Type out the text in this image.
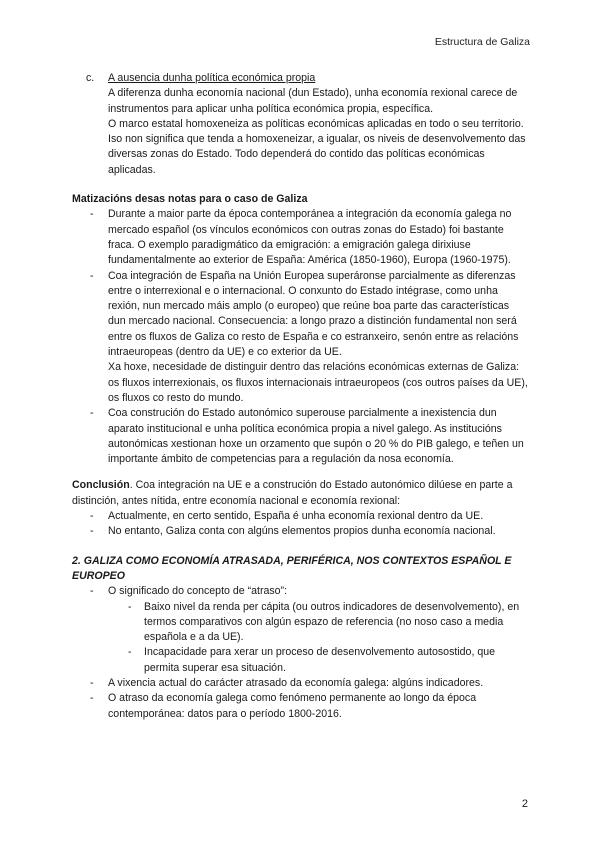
Estructura de Galiza
c.	A ausencia dunha política económica propia

A diferenza dunha economía nacional (dun Estado), unha economía rexional carece de instrumentos para aplicar unha política económica propia, específica.

O marco estatal homoxeneiza as políticas económicas aplicadas en todo o seu territorio.

Iso non significa que tenda a homoxeneizar, a igualar, os niveis de desenvolvemento das diversas zonas do Estado. Todo dependerá do contido das políticas económicas aplicadas.

Matizacións desas notas para o caso de Galiza
-	Durante a maior parte da época contemporánea a integración da economía galega no mercado español (os vínculos económicos con outras zonas do Estado) foi bastante fraca. O exemplo paradigmático da emigración: a emigración galega dirixiuse fundamentalmente ao exterior de España: América (1850-1960), Europa (1960-1975).
-	Coa integración de España na Unión Europea superáronse parcialmente as diferenzas entre o interrexional e o internacional. O conxunto do Estado intégrase, como unha rexión, nun mercado máis amplo (o europeo) que reúne boa parte das características dun mercado nacional. Consecuencia: a longo prazo a distinción fundamental non será entre os fluxos de Galiza co resto de España e co estranxeiro, senón entre as relacións intraeuropeas (dentro da UE) e co exterior da UE.
Xa hoxe, necesidade de distinguir dentro das relacións económicas externas de Galiza: os fluxos interrexionais, os fluxos internacionais intraeuropeos (cos outros países da UE), os fluxos co resto do mundo.
-	Coa construción do Estado autonómico superouse parcialmente a inexistencia dun aparato institucional e unha política económica propia a nivel galego. As institucións autonómicas xestionan hoxe un orzamento que supón o 20 % do PIB galego, e teñen un importante ámbito de competencias para a regulación da nosa economía.
Conclusión. Coa integración na UE e a construción do Estado autonómico dilúese en parte a distinción, antes nítida, entre economía nacional e economía rexional:
-	Actualmente, en certo sentido, España é unha economía rexional dentro da UE.
-	No entanto, Galiza conta con algúns elementos propios dunha economía nacional.
2. GALIZA COMO ECONOMÍA ATRASADA, PERIFÉRICA, NOS CONTEXTOS ESPAÑOL E EUROPEO
-	O significado do concepto de “atraso”:
-	Baixo nivel da renda per cápita (ou outros indicadores de desenvolvemento), en termos comparativos con algún espazo de referencia (no noso caso a media española e a da UE).
-	Incapacidade para xerar un proceso de desenvolvemento autosostido, que permita superar esa situación.
-	A vixencia actual do carácter atrasado da economía galega: algúns indicadores.
-	O atraso da economía galega como fenómeno permanente ao longo da época contemporánea: datos para o período 1800-2016.
2
